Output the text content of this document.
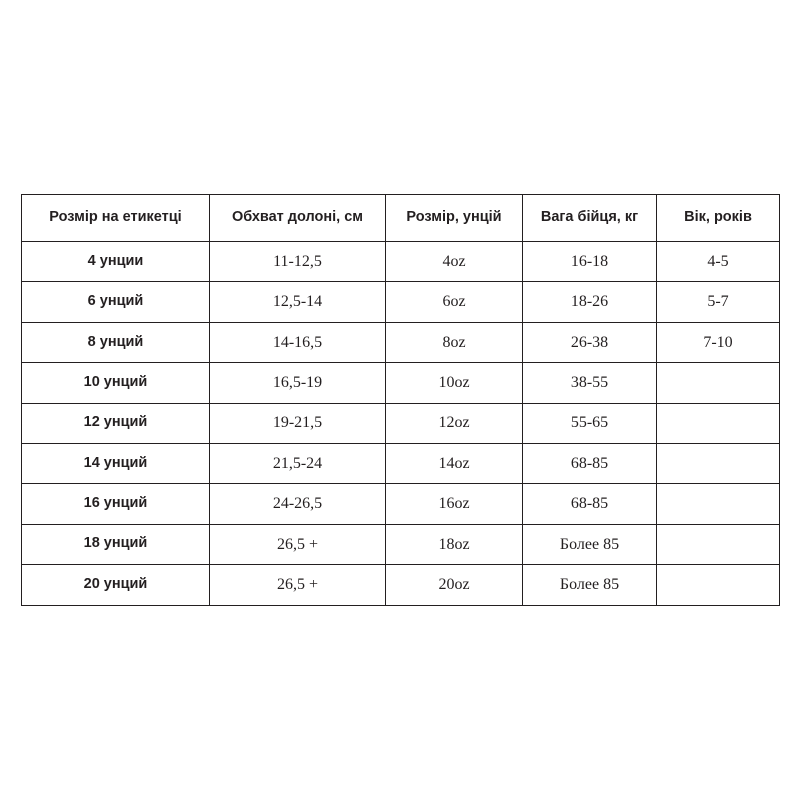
Розмір на етикетці	Обхват долоні, см	Розмір, унцій	Вага бійця, кг	Вік, років
4 унции	11-12,5	4oz	16-18	4-5
6 унций	12,5-14	6oz	18-26	5-7
8 унций	14-16,5	8oz	26-38	7-10
10 унций	16,5-19	10oz	38-55	
12 унций	19-21,5	12oz	55-65	
14 унций	21,5-24	14oz	68-85	
16 унций	24-26,5	16oz	68-85	
18 унций	26,5 +	18oz	Более 85	
20 унций	26,5 +	20oz	Более 85	
